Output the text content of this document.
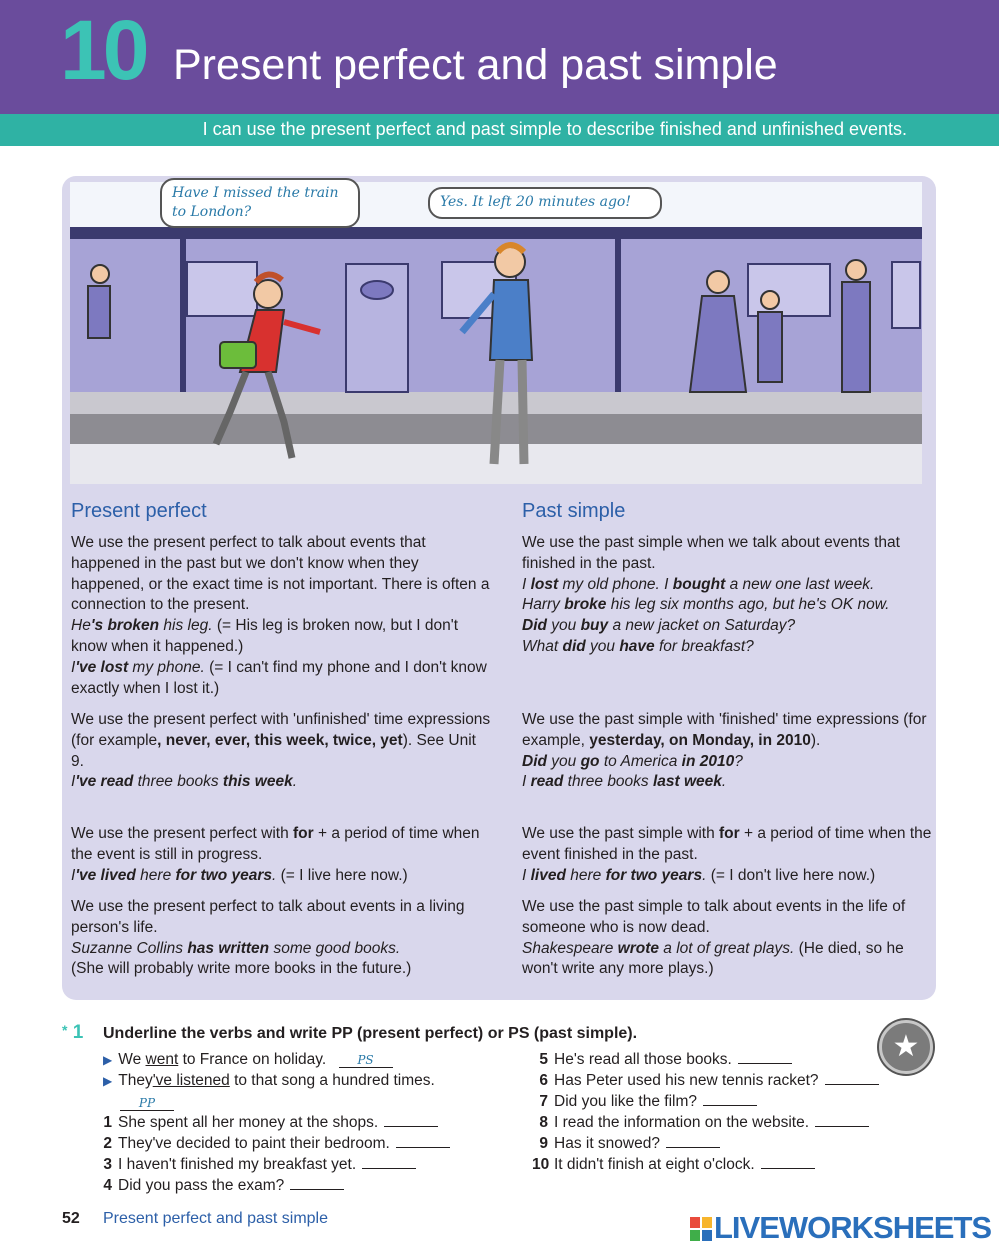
10 Present perfect and past simple
I can use the present perfect and past simple to describe finished and unfinished events.
Have I missed the train to London?
Yes. It left 20 minutes ago!
Present perfect
We use the present perfect to talk about events that happened in the past but we don't know when they happened, or the exact time is not important. There is often a connection to the present.
He's broken his leg. (= His leg is broken now, but I don't know when it happened.)
I've lost my phone. (= I can't find my phone and I don't know exactly when I lost it.)
We use the present perfect with 'unfinished' time expressions (for example, never, ever, this week, twice, yet). See Unit 9.
I've read three books this week.
We use the present perfect with for + a period of time when the event is still in progress.
I've lived here for two years. (= I live here now.)
We use the present perfect to talk about events in a living person's life.
Suzanne Collins has written some good books.
(She will probably write more books in the future.)
Past simple
We use the past simple when we talk about events that finished in the past.
I lost my old phone. I bought a new one last week.
Harry broke his leg six months ago, but he's OK now.
Did you buy a new jacket on Saturday?
What did you have for breakfast?
We use the past simple with 'finished' time expressions (for example, yesterday, on Monday, in 2010).
Did you go to America in 2010?
I read three books last week.
We use the past simple with for + a period of time when the event finished in the past.
I lived here for two years. (= I don't live here now.)
We use the past simple to talk about events in the life of someone who is now dead.
Shakespeare wrote a lot of great plays. (He died, so he won't write any more plays.)
* 1 Underline the verbs and write PP (present perfect) or PS (past simple).	★
▶ We went to France on holiday.	PS
▶ They've listened to that song a hundred times.
PP
1 She spent all her money at the shops.
2 They've decided to paint their bedroom.
3 I haven't finished my breakfast yet.
4 Did you pass the exam?
5 He's read all those books.
6 Has Peter used his new tennis racket?
7 Did you like the film?
8 I read the information on the website.
9 Has it snowed?
10 It didn't finish at eight o'clock.
52 Present perfect and past simple	LIVEWORKSHEETS
